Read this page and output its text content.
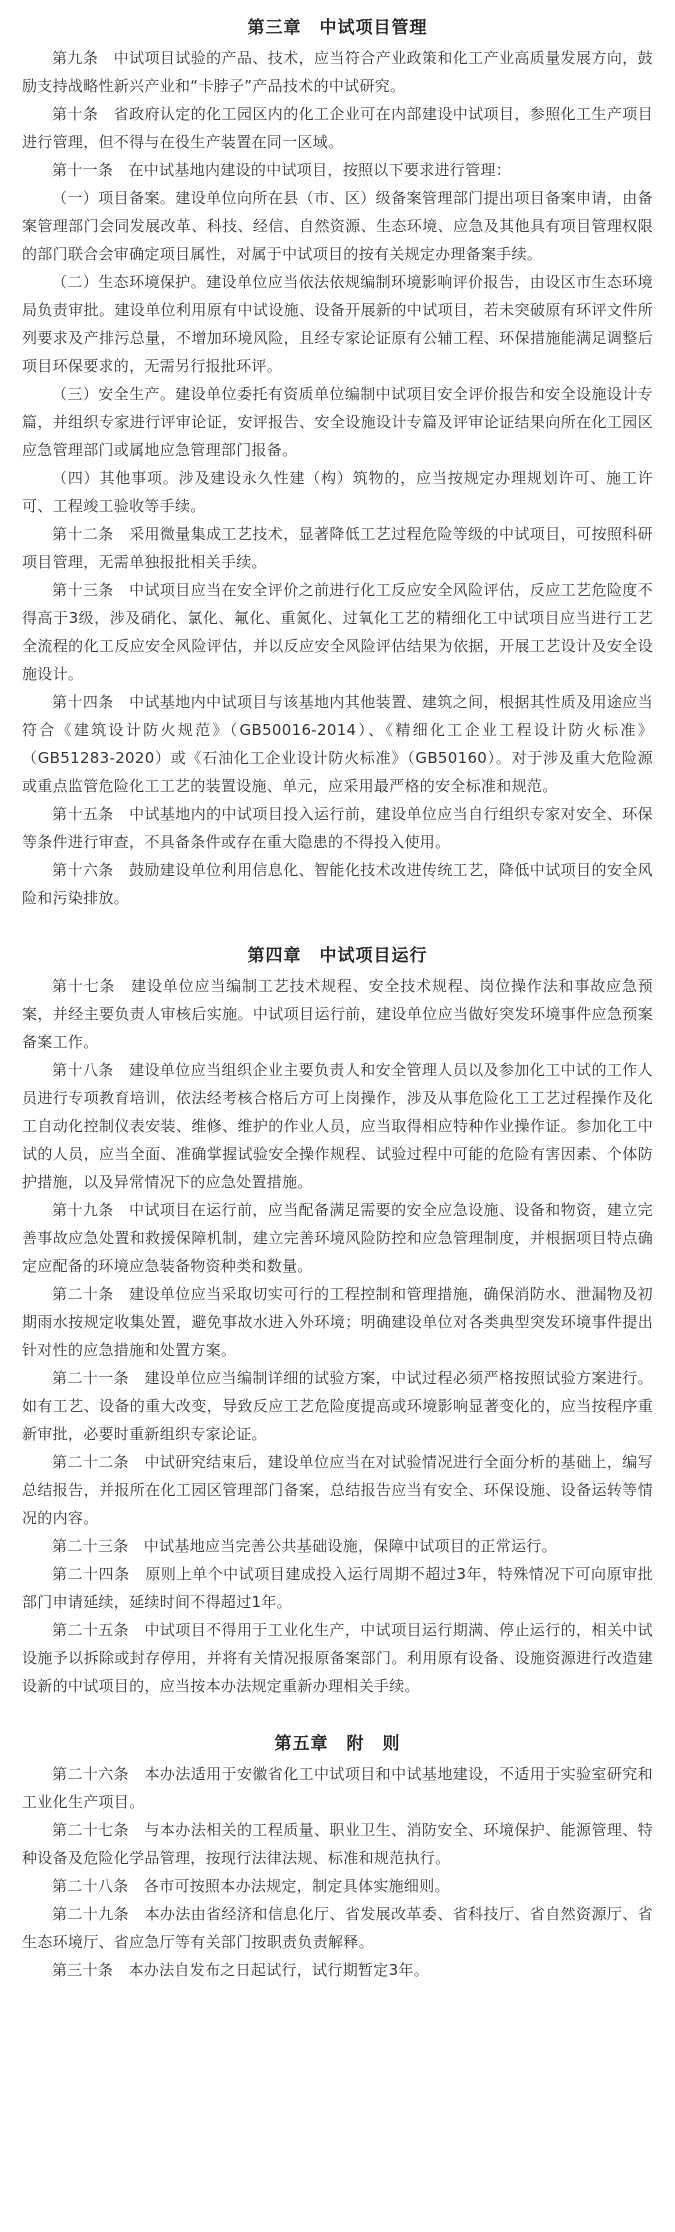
第三章　中试项目管理

第九条　中试项目试验的产品、技术，应当符合产业政策和化工产业高质量发展方向，鼓励支持战略性新兴产业和“卡脖子”产品技术的中试研究。

第十条　省政府认定的化工园区内的化工企业可在内部建设中试项目，参照化工生产项目进行管理，但不得与在役生产装置在同一区域。

第十一条　在中试基地内建设的中试项目，按照以下要求进行管理：

（一）项目备案。建设单位向所在县（市、区）级备案管理部门提出项目备案申请，由备案管理部门会同发展改革、科技、经信、自然资源、生态环境、应急及其他具有项目管理权限的部门联合会审确定项目属性，对属于中试项目的按有关规定办理备案手续。

（二）生态环境保护。建设单位应当依法依规编制环境影响评价报告，由设区市生态环境局负责审批。建设单位利用原有中试设施、设备开展新的中试项目，若未突破原有环评文件所列要求及产排污总量，不增加环境风险，且经专家论证原有公辅工程、环保措施能满足调整后项目环保要求的，无需另行报批环评。

（三）安全生产。建设单位委托有资质单位编制中试项目安全评价报告和安全设施设计专篇，并组织专家进行评审论证，安评报告、安全设施设计专篇及评审论证结果向所在化工园区应急管理部门或属地应急管理部门报备。

（四）其他事项。涉及建设永久性建（构）筑物的，应当按规定办理规划许可、施工许可、工程竣工验收等手续。

第十二条　采用微量集成工艺技术，显著降低工艺过程危险等级的中试项目，可按照科研项目管理，无需单独报批相关手续。

第十三条　中试项目应当在安全评价之前进行化工反应安全风险评估，反应工艺危险度不得高于3级，涉及硝化、氯化、氟化、重氮化、过氧化工艺的精细化工中试项目应当进行工艺全流程的化工反应安全风险评估，并以反应安全风险评估结果为依据，开展工艺设计及安全设施设计。

第十四条　中试基地内中试项目与该基地内其他装置、建筑之间，根据其性质及用途应当符合《建筑设计防火规范》（GB50016-2014）、《精细化工企业工程设计防火标准》（GB51283-2020）或《石油化工企业设计防火标准》（GB50160）。对于涉及重大危险源或重点监管危险化工工艺的装置设施、单元，应采用最严格的安全标准和规范。

第十五条　中试基地内的中试项目投入运行前，建设单位应当自行组织专家对安全、环保等条件进行审查，不具备条件或存在重大隐患的不得投入使用。

第十六条　鼓励建设单位利用信息化、智能化技术改进传统工艺，降低中试项目的安全风险和污染排放。

第四章　中试项目运行

第十七条　建设单位应当编制工艺技术规程、安全技术规程、岗位操作法和事故应急预案，并经主要负责人审核后实施。中试项目运行前，建设单位应当做好突发环境事件应急预案备案工作。

第十八条　建设单位应当组织企业主要负责人和安全管理人员以及参加化工中试的工作人员进行专项教育培训，依法经考核合格后方可上岗操作，涉及从事危险化工工艺过程操作及化工自动化控制仪表安装、维修、维护的作业人员，应当取得相应特种作业操作证。参加化工中试的人员，应当全面、准确掌握试验安全操作规程、试验过程中可能的危险有害因素、个体防护措施，以及异常情况下的应急处置措施。

第十九条　中试项目在运行前，应当配备满足需要的安全应急设施、设备和物资，建立完善事故应急处置和救援保障机制，建立完善环境风险防控和应急管理制度，并根据项目特点确定应配备的环境应急装备物资种类和数量。

第二十条　建设单位应当采取切实可行的工程控制和管理措施，确保消防水、泄漏物及初期雨水按规定收集处置，避免事故水进入外环境；明确建设单位对各类典型突发环境事件提出针对性的应急措施和处置方案。

第二十一条　建设单位应当编制详细的试验方案，中试过程必须严格按照试验方案进行。如有工艺、设备的重大改变，导致反应工艺危险度提高或环境影响显著变化的，应当按程序重新审批，必要时重新组织专家论证。

第二十二条　中试研究结束后，建设单位应当在对试验情况进行全面分析的基础上，编写总结报告，并报所在化工园区管理部门备案，总结报告应当有安全、环保设施、设备运转等情况的内容。

第二十三条　中试基地应当完善公共基础设施，保障中试项目的正常运行。

第二十四条　原则上单个中试项目建成投入运行周期不超过3年，特殊情况下可向原审批部门申请延续，延续时间不得超过1年。

第二十五条　中试项目不得用于工业化生产，中试项目运行期满、停止运行的，相关中试设施予以拆除或封存停用，并将有关情况报原备案部门。利用原有设备、设施资源进行改造建设新的中试项目的，应当按本办法规定重新办理相关手续。

第五章　附　则

第二十六条　本办法适用于安徽省化工中试项目和中试基地建设，不适用于实验室研究和工业化生产项目。

第二十七条　与本办法相关的工程质量、职业卫生、消防安全、环境保护、能源管理、特种设备及危险化学品管理，按现行法律法规、标准和规范执行。

第二十八条　各市可按照本办法规定，制定具体实施细则。

第二十九条　本办法由省经济和信息化厅、省发展改革委、省科技厅、省自然资源厅、省生态环境厅、省应急厅等有关部门按职责负责解释。

第三十条　本办法自发布之日起试行，试行期暂定3年。
